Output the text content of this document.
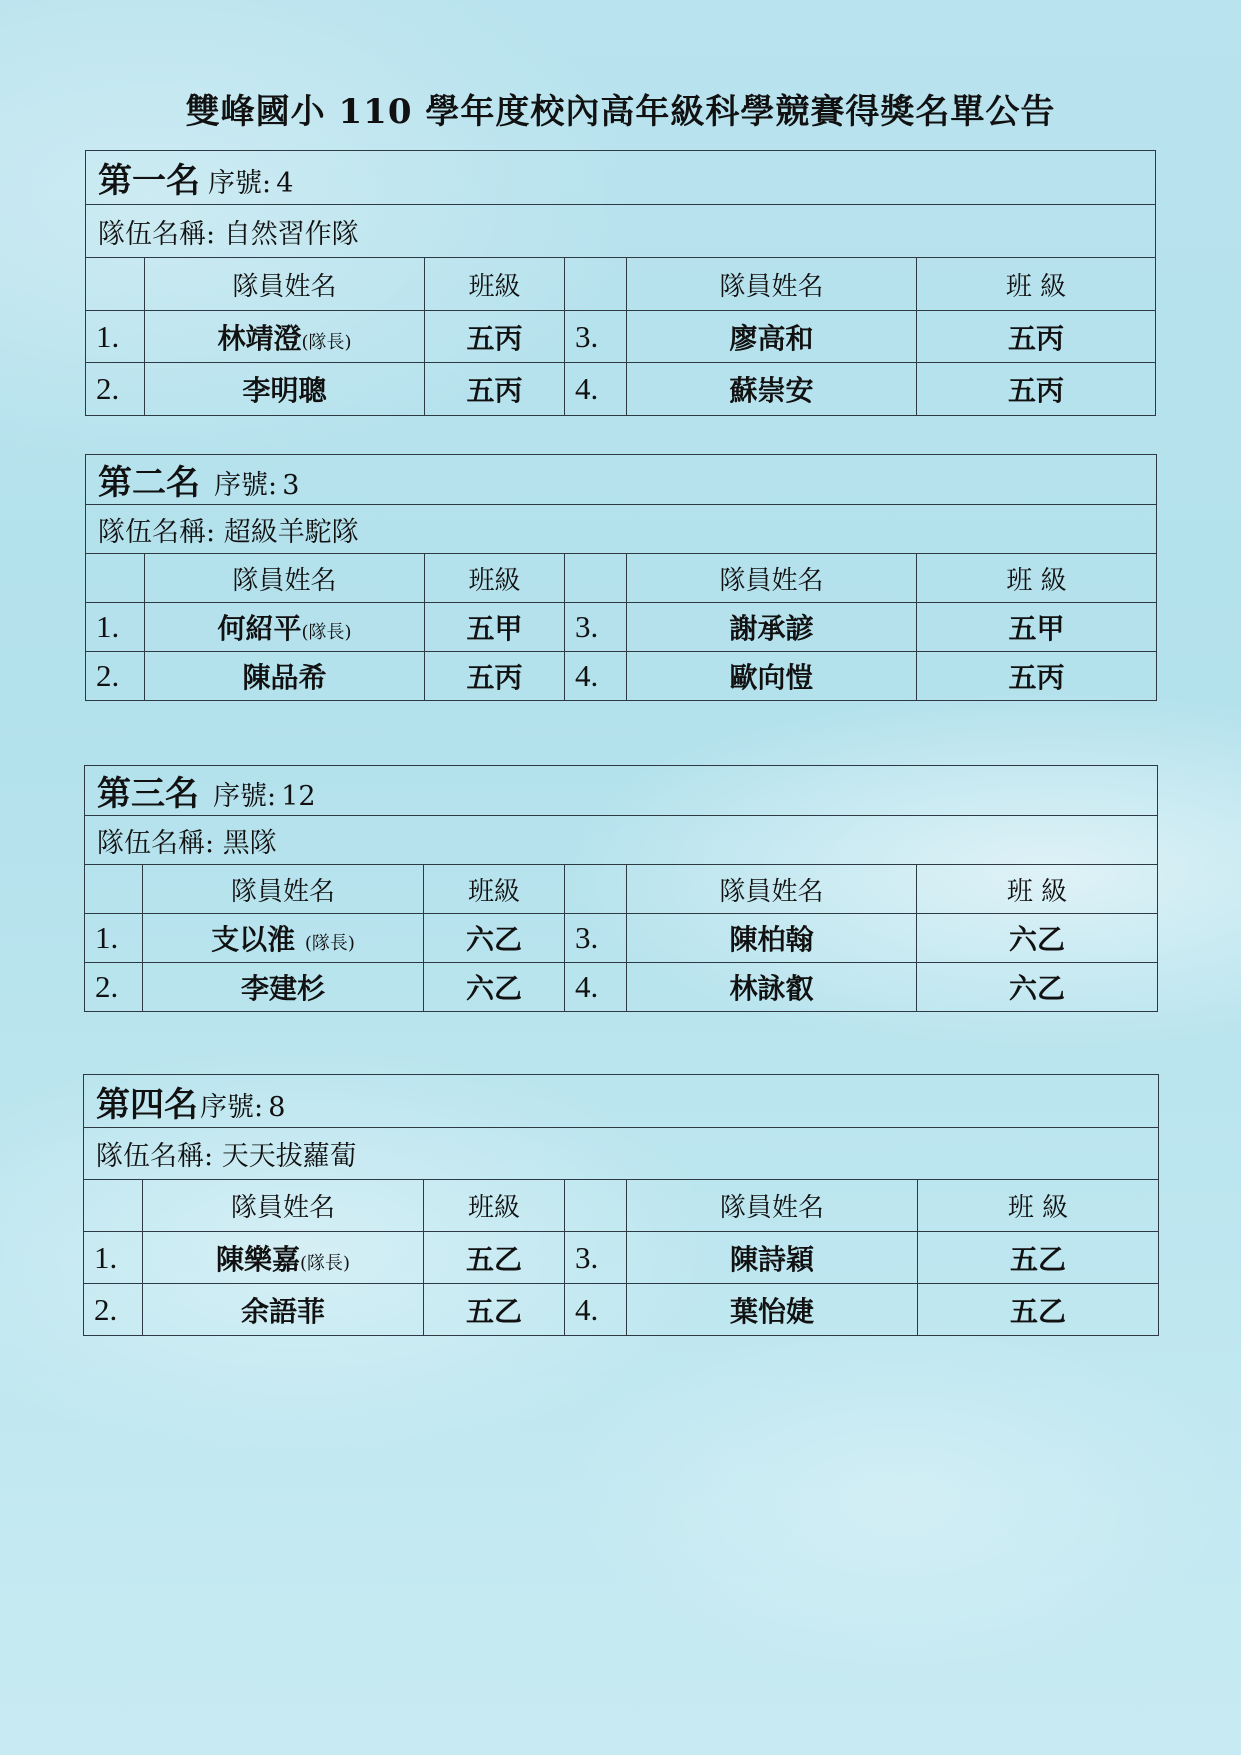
雙峰國小 110 學年度校內高年級科學競賽得獎名單公告
第一名 序號: 4					
隊伍名稱: 自然習作隊					
	隊員姓名	班級		隊員姓名	班 級
1.	林靖澄(隊長)	五丙	3.	廖高和	五丙
2.	李明聰	五丙	4.	蘇崇安	五丙
第二名 序號: 3					
隊伍名稱: 超級羊駝隊					
	隊員姓名	班級		隊員姓名	班 級
1.	何紹平(隊長)	五甲	3.	謝承諺	五甲
2.	陳品希	五丙	4.	歐向愷	五丙
第三名 序號: 12					
隊伍名稱: 黑隊					
	隊員姓名	班級		隊員姓名	班 級
1.	支以淮 (隊長)	六乙	3.	陳柏翰	六乙
2.	李建杉	六乙	4.	林詠叡	六乙
第四名序號: 8					
隊伍名稱: 天天拔蘿蔔					
	隊員姓名	班級		隊員姓名	班 級
1.	陳樂嘉(隊長)	五乙	3.	陳詩穎	五乙
2.	余語菲	五乙	4.	葉怡婕	五乙
